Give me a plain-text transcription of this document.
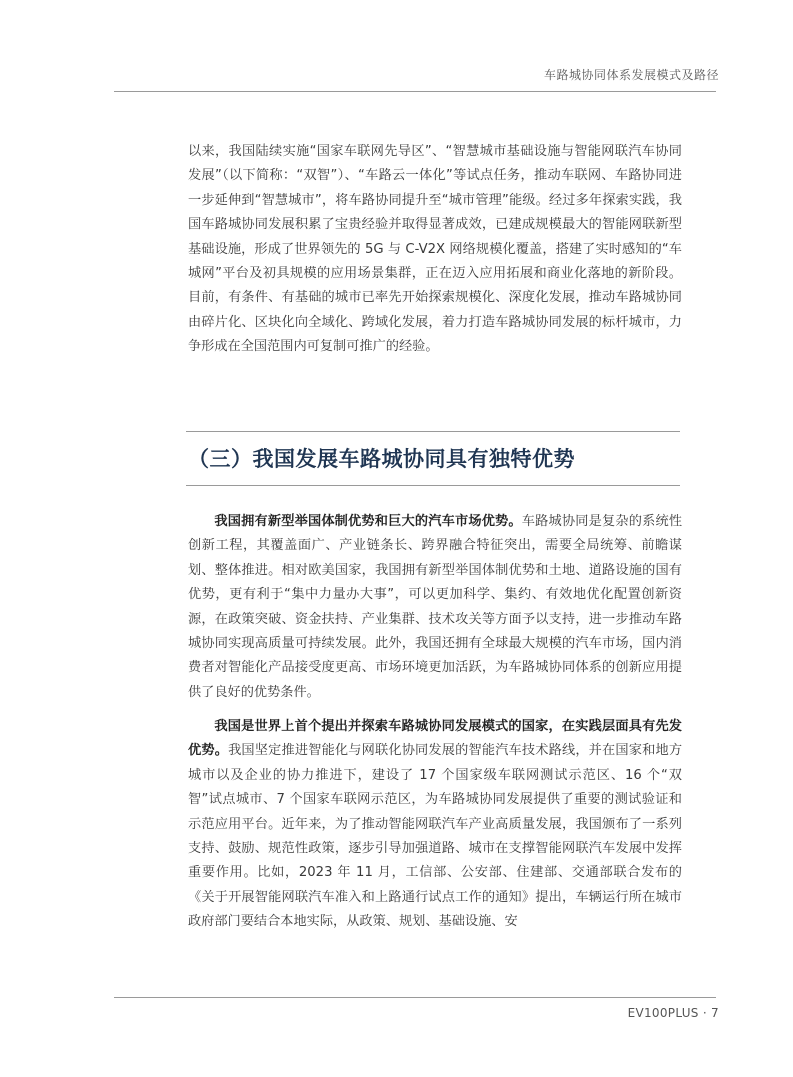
车路城协同体系发展模式及路径

以来，我国陆续实施“国家车联网先导区”、“智慧城市基础设施与智能网联汽车协同发展”（以下简称：“双智”）、“车路云一体化”等试点任务，推动车联网、车路协同进一步延伸到“智慧城市”，将车路协同提升至“城市管理”能级。经过多年探索实践，我国车路城协同发展积累了宝贵经验并取得显著成效，已建成规模最大的智能网联新型基础设施，形成了世界领先的 5G 与 C-V2X 网络规模化覆盖，搭建了实时感知的“车城网”平台及初具规模的应用场景集群，正在迈入应用拓展和商业化落地的新阶段。目前，有条件、有基础的城市已率先开始探索规模化、深度化发展，推动车路城协同由碎片化、区块化向全域化、跨域化发展，着力打造车路城协同发展的标杆城市，力争形成在全国范围内可复制可推广的经验。

（三）我国发展车路城协同具有独特优势

我国拥有新型举国体制优势和巨大的汽车市场优势。车路城协同是复杂的系统性创新工程，其覆盖面广、产业链条长、跨界融合特征突出，需要全局统筹、前瞻谋划、整体推进。相对欧美国家，我国拥有新型举国体制优势和土地、道路设施的国有优势，更有利于“集中力量办大事”，可以更加科学、集约、有效地优化配置创新资源，在政策突破、资金扶持、产业集群、技术攻关等方面予以支持，进一步推动车路城协同实现高质量可持续发展。此外，我国还拥有全球最大规模的汽车市场，国内消费者对智能化产品接受度更高、市场环境更加活跃，为车路城协同体系的创新应用提供了良好的优势条件。

我国是世界上首个提出并探索车路城协同发展模式的国家，在实践层面具有先发优势。我国坚定推进智能化与网联化协同发展的智能汽车技术路线，并在国家和地方城市以及企业的协力推进下，建设了 17 个国家级车联网测试示范区、16 个“双智”试点城市、7 个国家车联网示范区，为车路城协同发展提供了重要的测试验证和示范应用平台。近年来，为了推动智能网联汽车产业高质量发展，我国颁布了一系列支持、鼓励、规范性政策，逐步引导加强道路、城市在支撑智能网联汽车发展中发挥重要作用。比如，2023 年 11 月，工信部、公安部、住建部、交通部联合发布的《关于开展智能网联汽车准入和上路通行试点工作的通知》提出，车辆运行所在城市政府部门要结合本地实际，从政策、规划、基础设施、安

EV100PLUS · 7
